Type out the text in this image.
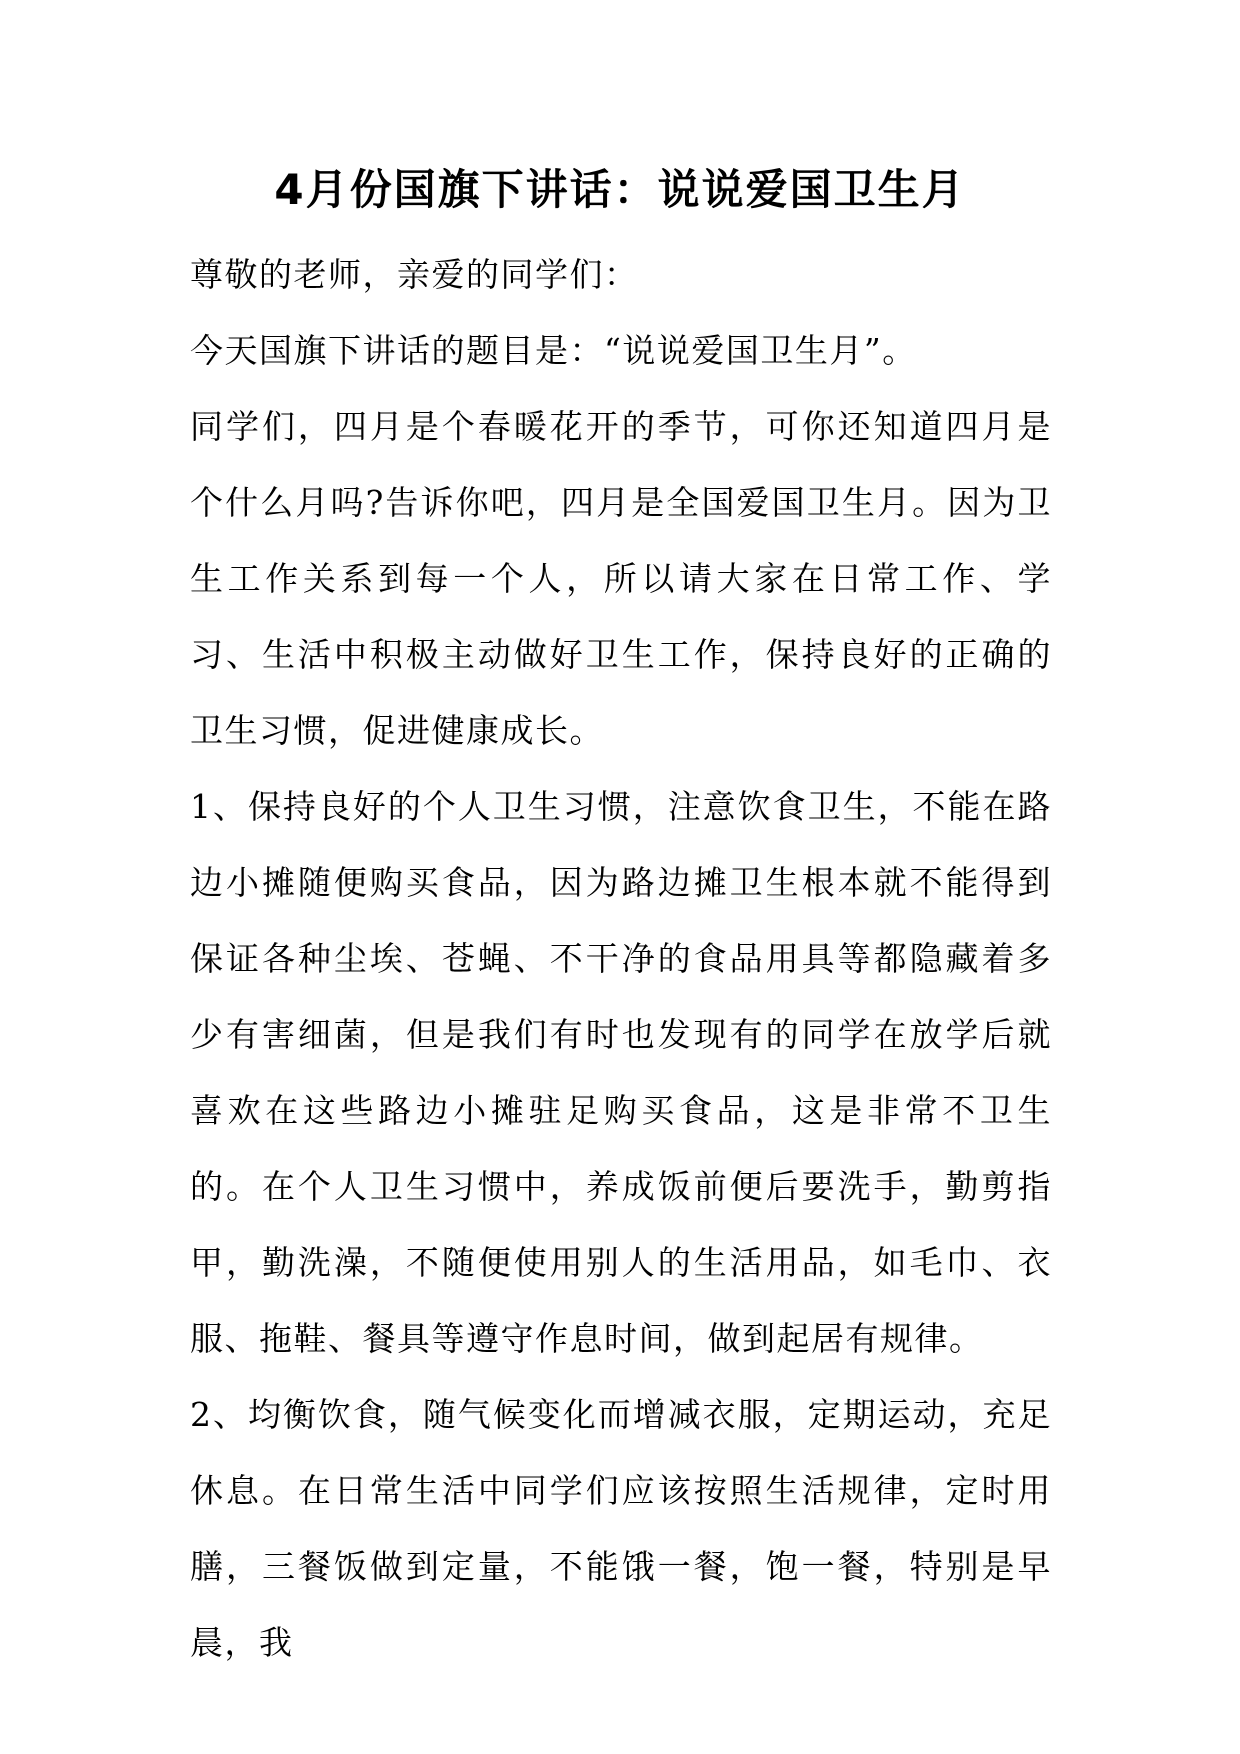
4月份国旗下讲话：说说爱国卫生月

尊敬的老师，亲爱的同学们：

今天国旗下讲话的题目是：“说说爱国卫生月”。

同学们，四月是个春暖花开的季节，可你还知道四月是个什么月吗?告诉你吧，四月是全国爱国卫生月。因为卫生工作关系到每一个人，所以请大家在日常工作、学习、生活中积极主动做好卫生工作，保持良好的正确的卫生习惯，促进健康成长。

1、保持良好的个人卫生习惯，注意饮食卫生，不能在路边小摊随便购买食品，因为路边摊卫生根本就不能得到保证各种尘埃、苍蝇、不干净的食品用具等都隐藏着多少有害细菌，但是我们有时也发现有的同学在放学后就喜欢在这些路边小摊驻足购买食品，这是非常不卫生的。在个人卫生习惯中，养成饭前便后要洗手，勤剪指甲，勤洗澡，不随便使用别人的生活用品，如毛巾、衣服、拖鞋、餐具等遵守作息时间，做到起居有规律。

2、均衡饮食，随气候变化而增减衣服，定期运动，充足休息。在日常生活中同学们应该按照生活规律，定时用膳，三餐饭做到定量，不能饿一餐，饱一餐，特别是早晨，我
